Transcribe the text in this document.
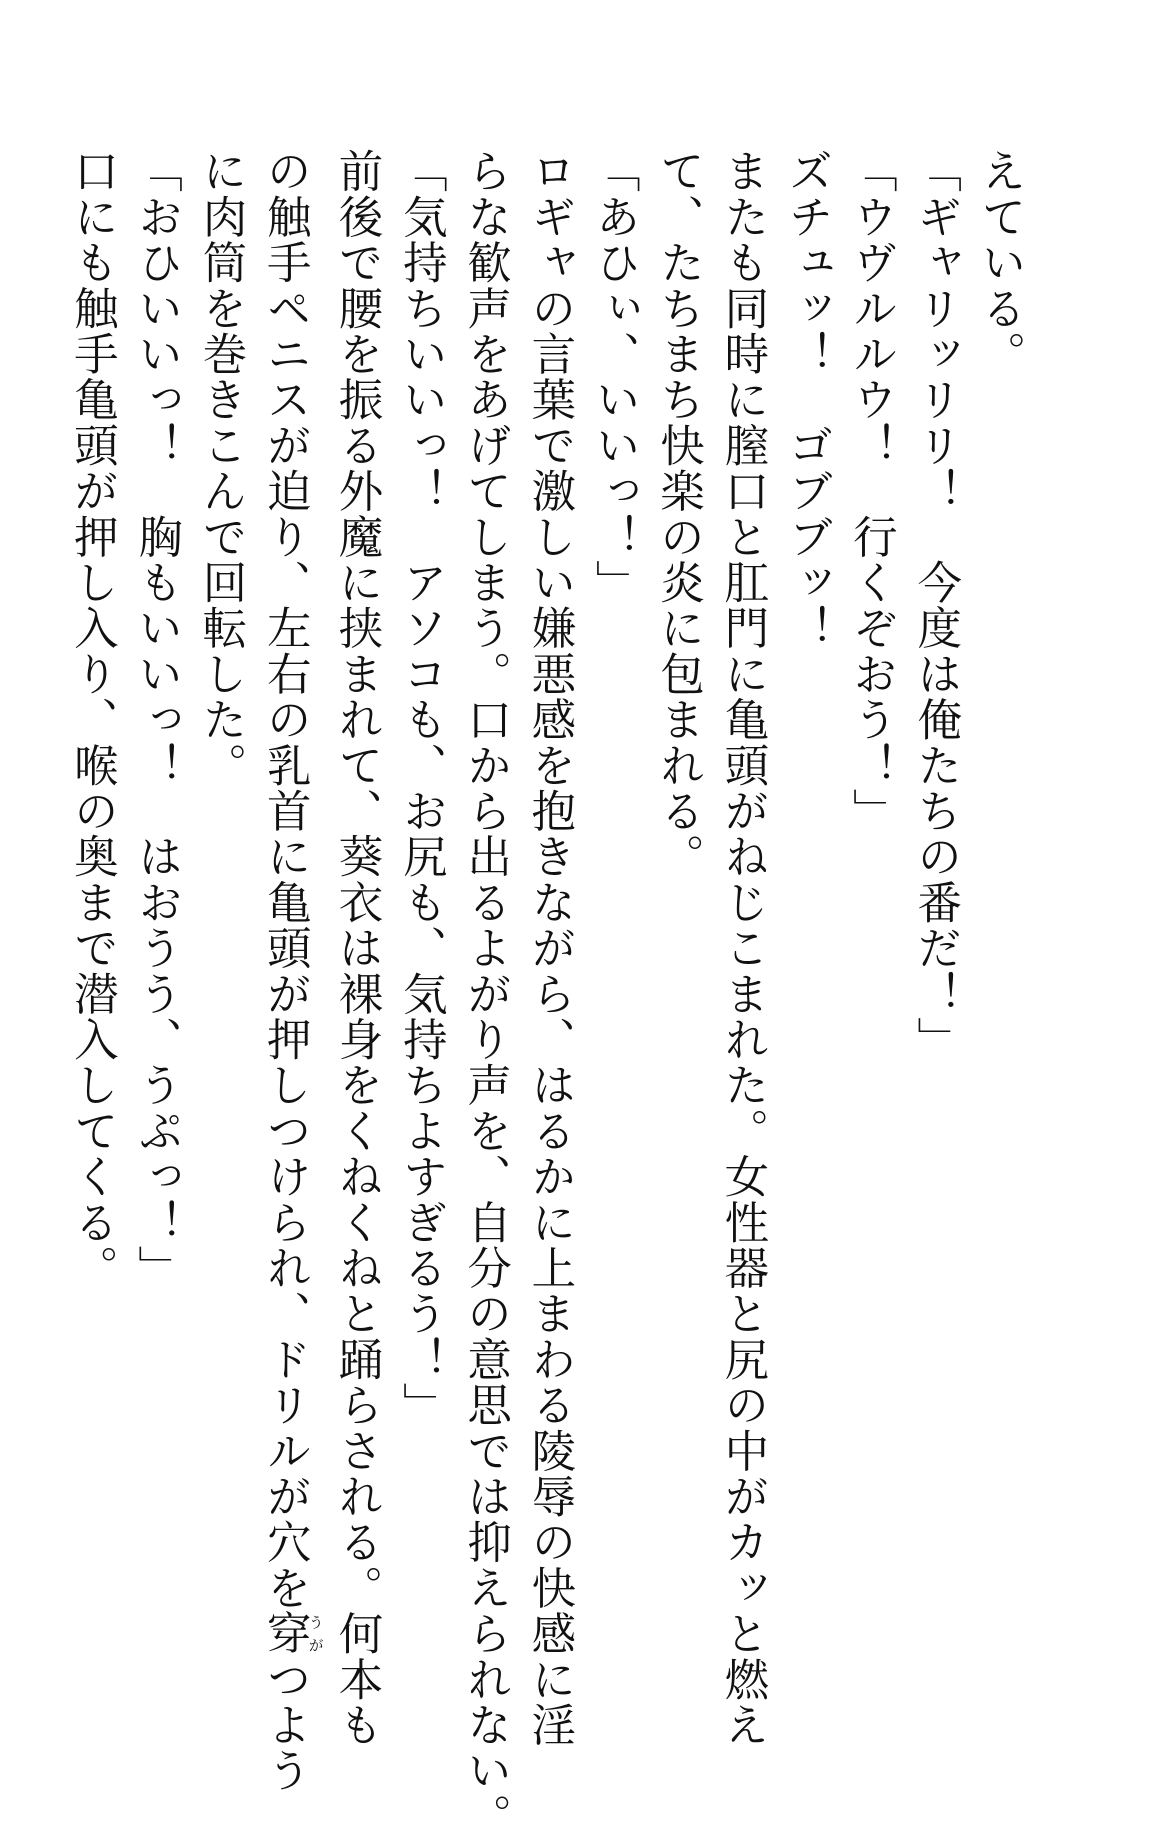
えている。
「ギャリッリリ！　今度は俺たちの番だ！」
「ウヴルルウ！　行くぞおう！」
ズチュッ！　ゴブブッ！
またも同時に膣口と肛門に亀頭がねじこまれた。女性器と尻の中がカッと燃え
て、たちまち快楽の炎に包まれる。
「あひぃ、いいっ！」
ロギャの言葉で激しい嫌悪感を抱きながら、はるかに上まわる陵辱の快感に淫
らな歓声をあげてしまう。口から出るよがり声を、自分の意思では抑えられない。
「気持ちいいっ！　アソコも、お尻も、気持ちよすぎるう！」
前後で腰を振る外魔に挟まれて、葵衣は裸身をくねくねと踊らされる。何本も
の触手ペニスが迫り、左右の乳首に亀頭が押しつけられ、ドリルが穴を穿うがつよう
に肉筒を巻きこんで回転した。
「おひいいっ！　胸もいいっ！　はおうう、うぷっ！」
口にも触手亀頭が押し入り、喉の奥まで潜入してくる。
